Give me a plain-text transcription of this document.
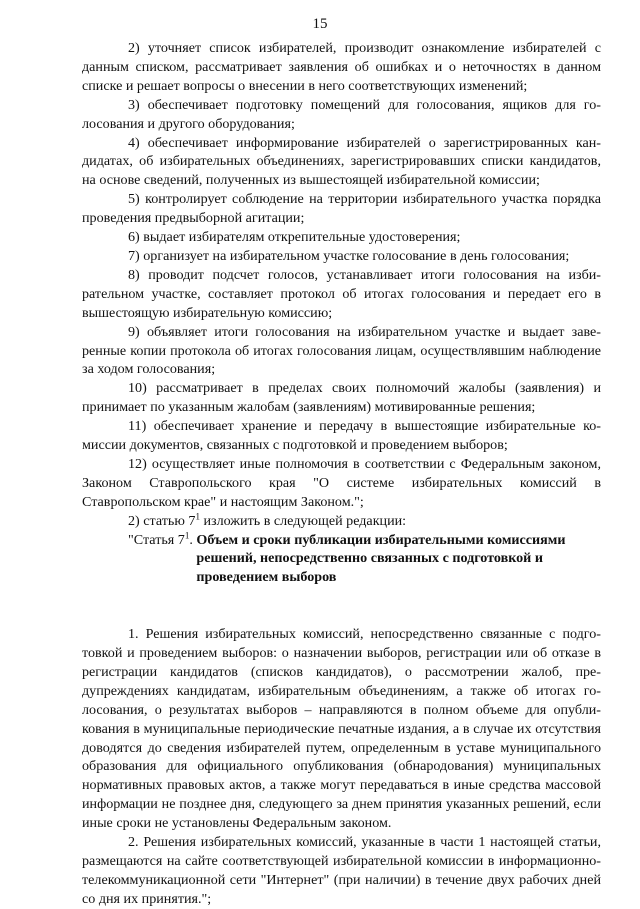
15

2) уточняет список избирателей, производит ознакомление избирателей с данным списком, рассматривает заявления об ошибках и о неточностях в данном списке и решает вопросы о внесении в него соответствующих изменений;

3) обеспечивает подготовку помещений для голосования, ящиков для голосования и другого оборудования;

4) обеспечивает информирование избирателей о зарегистрированных кандидатах, об избирательных объединениях, зарегистрировавших списки кандидатов, на основе сведений, полученных из вышестоящей избирательной комиссии;

5) контролирует соблюдение на территории избирательного участка порядка проведения предвыборной агитации;

6) выдает избирателям открепительные удостоверения;

7) организует на избирательном участке голосование в день голосования;

8) проводит подсчет голосов, устанавливает итоги голосования на избирательном участке, составляет протокол об итогах голосования и передает его в вышестоящую избирательную комиссию;

9) объявляет итоги голосования на избирательном участке и выдает заверенные копии протокола об итогах голосования лицам, осуществлявшим наблюдение за ходом голосования;

10) рассматривает в пределах своих полномочий жалобы (заявления) и принимает по указанным жалобам (заявлениям) мотивированные решения;

11) обеспечивает хранение и передачу в вышестоящие избирательные комиссии документов, связанных с подготовкой и проведением выборов;

12) осуществляет иные полномочия в соответствии с Федеральным законом, Законом Ставропольского края "О системе избирательных комиссий в Ставропольском крае" и настоящим Законом.";

2) статью $7^1$ изложить в следующей редакции:

"Статья $7^1$. Объем и сроки публикации избирательными комиссиями решений, непосредственно связанных с подготовкой и проведением выборов

1. Решения избирательных комиссий, непосредственно связанные с подготовкой и проведением выборов: о назначении выборов, регистрации или об отказе в регистрации кандидатов (списков кандидатов), о рассмотрении жалоб, предупреждениях кандидатам, избирательным объединениям, а также об итогах голосования, о результатах выборов – направляются в полном объеме для опубликования в муниципальные периодические печатные издания, а в случае их отсутствия доводятся до сведения избирателей путем, определенным в уставе муниципального образования для официального опубликования (обнародования) муниципальных нормативных правовых актов, а также могут передаваться в иные средства массовой информации не позднее дня, следующего за днем принятия указанных решений, если иные сроки не установлены Федеральным законом.

2. Решения избирательных комиссий, указанные в части 1 настоящей статьи, размещаются на сайте соответствующей избирательной комиссии в информационно-телекоммуникационной сети "Интернет" (при наличии) в течение двух рабочих дней со дня их принятия.";
